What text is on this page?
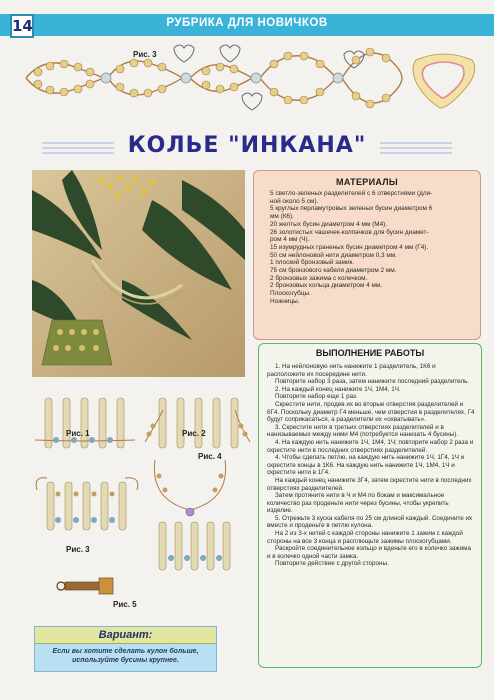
14	РУБРИКА ДЛЯ НОВИЧКОВ
Рис. 3
КОЛЬЕ "ИНКАНА"
МАТЕРИАЛЫ
5 светло-зеленых разделителей с 6 отверстиями (дли-
ной около 5 см).
5 круглых перламутровых зеленых бусин диаметром 6
мм (К6).
20 желтых бусин диаметром 4 мм (М4).
26 золотистых чашечек-колпачков для бусин диамет-
ром 4 мм (Ч).
15 изумрудных граненых бусин диаметром 4 мм (Г4).
50 см нейлоновой нити диаметром 0,3 мм.
1 плоский бронзовый замик.
75 см бронзового кабеля диаметром 2 мм.
2 бронзовых зажима с колечком.
2 бронзовых кольца диаметром 4 мм.
Плоскогубцы.
Ножницы.
ВЫПОЛНЕНИЕ РАБОТЫ

1. На нейлоновую нить нанижите 1 разделитель, 1К6 и расположите их посередине нити.

Повторите набор 3 раза, затем нанижите последний разделитель.

2. На каждый конец нанижите 1Ч, 1М4, 1Ч.

Повторите набор еще 1 раз.

Скрестите нити, продев их во вторые отверстия разделителей и 6Г4. Поскольку диаметр Г4 меньше, чем отверстия в разделителях, Г4 будут соприкасаться, а разделители их «охватывать».

3. Скрестите нити в третьих отверстиях разделителей и в нанизываемых между ними М4 (потребуется нанизать 4 бусины).

4. На каждую нить нанижите 1Ч, 1М4, 1Ч; повторите набор 2 раза и скрестите нити в последних отверстиях разделителей.

4. Чтобы сделать петлю, на каждую нить нанижите 1Ч, 1Г4, 1Ч и скрестите концы в 1К6. На каждую нить нанижите 1Ч, 1М4, 1Ч и скрестите нити в 1Г4.

На каждый конец нанижите 3Г4, затем скрестите нити в последних отверстиях разделителей.

Затем протяните нити в Ч и М4 по бокам и максимальное количество раз проденьте нити через бусины, чтобы укрепить изделие.

5. Отрежьте 3 куска кабеля по 25 см длиной каждый. Соедините их вместе и проденьте в петлю кулона.

На 2 из 3-х нитей с каждой стороны нанижите 1 зажим с каждой стороны на все 3 конца и расплющьте зажимы плоскогубцами.

Раскройте соединительное кольцо и вденьте его в колечко зажима и в колечко одной части замка.

Повторите действие с другой стороны.

Рис. 1	Рис. 2
Рис. 3
Рис. 4
Рис. 5
Вариант:
Если вы хотите сделать кулон больше, используйте бусины крупнее.
